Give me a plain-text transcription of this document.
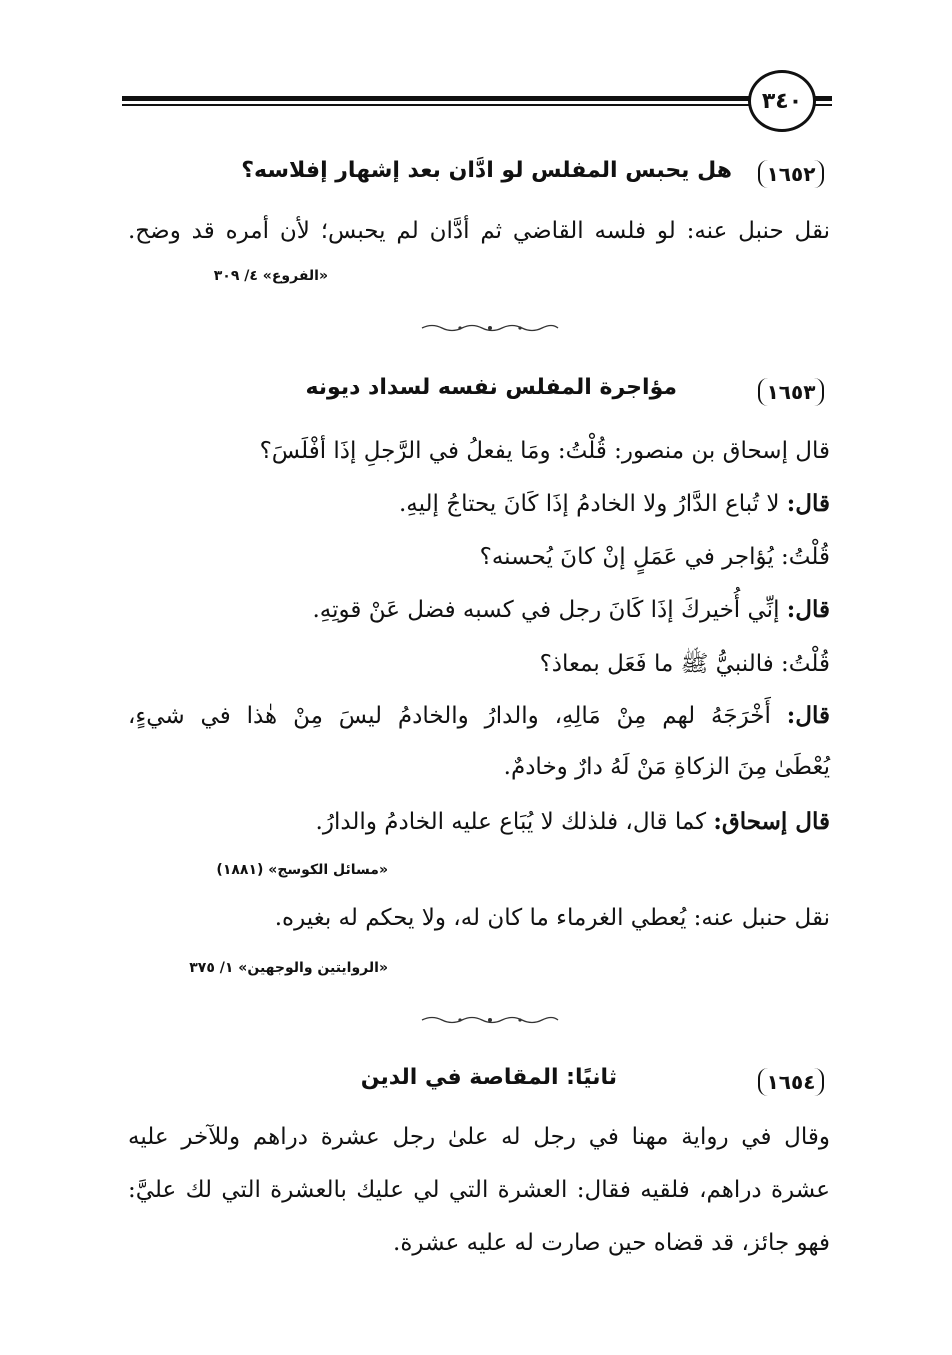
٣٤٠
١٦٥٢
هل يحبس المفلس لو ادَّان بعد إشهار إفلاسه؟
نقل حنبل عنه: لو فلسه القاضي ثم أدَّان لم يحبس؛ لأن أمره قد وضح.
«الفروع» ٤/ ٣٠٩
١٦٥٣
مؤاجرة المفلس نفسه لسداد ديونه
قال إسحاق بن منصور: قُلْتُ: ومَا يفعلُ في الرَّجلِ إذَا أفْلَسَ؟
قال: لا تُباع الدَّارُ ولا الخادمُ إذَا كَانَ يحتاجُ إليهِ.
قُلْتُ: يُؤاجر في عَمَلٍ إنْ كانَ يُحسنه؟
قال: إنِّي أُخيركَ إذَا كَانَ رجل في كسبه فضل عَنْ قوتِهِ.
قُلْتُ: فالنبيُّ ﷺ ما فَعَل بمعاذ؟
قال: أَخْرَجَهُ لهم مِنْ مَالِهِ، والدارُ والخادمُ ليسَ مِنْ هٰذا في شيءٍ،
يُعْطَىٰ مِنَ الزكاةِ مَنْ لَهُ دارٌ وخادمٌ.
قال إسحاق: كما قال، فلذلك لا يُبَاع عليه الخادمُ والدارُ.
«مسائل الكوسج» (١٨٨١)
نقل حنبل عنه: يُعطي الغرماء ما كان له، ولا يحكم له بغيره.
«الروايتين والوجهين» ١/ ٣٧٥
١٦٥٤
ثانيًا: المقاصة في الدين
وقال في رواية مهنا في رجل له علىٰ رجل عشرة دراهم وللآخر عليه
عشرة دراهم، فلقيه فقال: العشرة التي لي عليك بالعشرة التي لك عليَّ:
فهو جائز، قد قضاه حين صارت له عليه عشرة.
